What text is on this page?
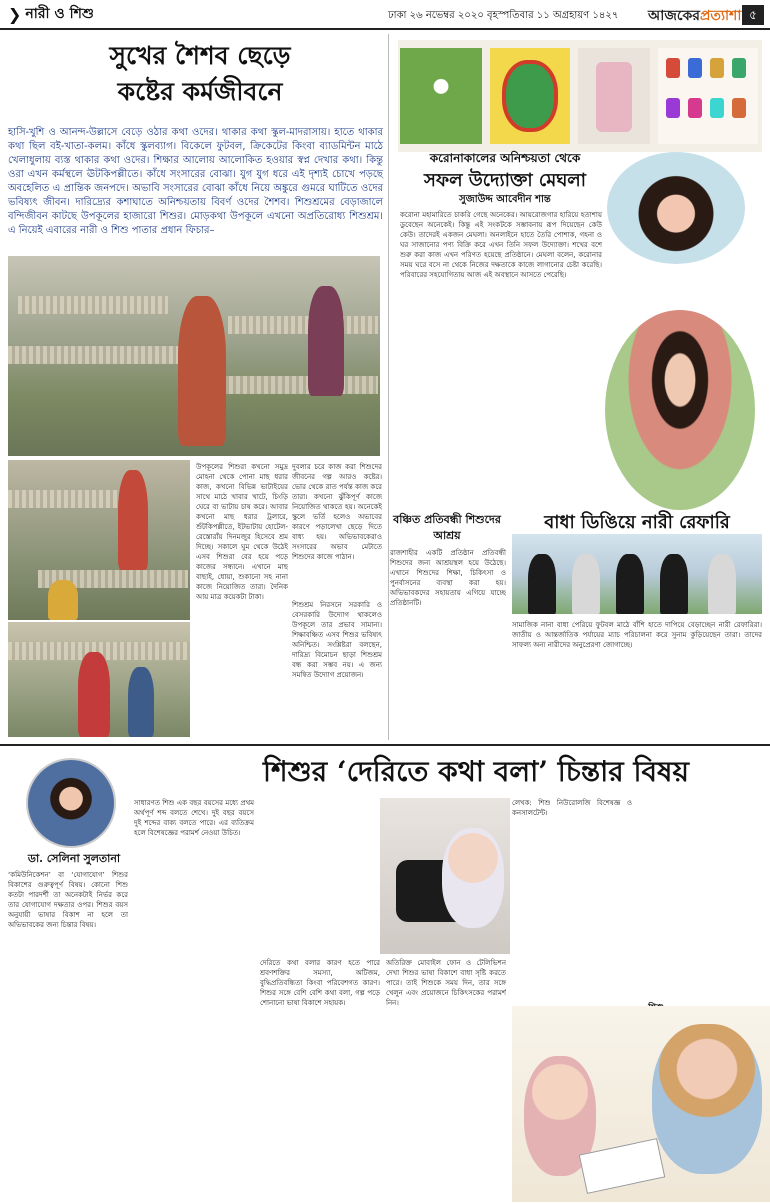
❯ নারী ও শিশু	ঢাকা ২৬ নভেম্বর ২০২০ বৃহস্পতিবার ১১ অগ্রহায়ণ ১৪২৭ আজকেরপ্রত্যাশা ৫
সুখের শৈশব ছেড়ে
কষ্টের কর্মজীবনে
হাসি-খুশি ও আনন্দ-উল্লাসে বেড়ে ওঠার কথা ওদের। থাকার কথা স্কুল-মাদরাসায়। হাতে থাকার কথা ছিল বই-খাতা-কলম। কাঁধে স্কুলব্যাগ। বিকেলে ফুটবল, ক্রিকেটের কিংবা ব্যাডমিন্টন মাঠে খেলাধুলায় ব্যস্ত থাকার কথা ওদের। শিক্ষার আলোয় আলোকিত হওয়ার স্বপ্ন দেখার কথা। কিন্তু ওরা এখন কর্মস্থলে ঊটকিপল্লীতে। কাঁধে সংসারের বোঝা। যুগ যুগ ধরে এই দৃশ্যই চোখে পড়ছে অবহেলিত এ প্রান্তিক জনপদে। অভাবি সংসারের বোঝা কাঁধে নিয়ে অঙ্কুরে গুমরে ঘাটিতে ওদের ভবিষ্যৎ জীবন। দারিদ্র্যের কশাঘাতে অনিশ্চয়তায় বিবর্ণ ওদের শৈশব। শিশুশ্রমের বেড়াজালে বন্দিজীবন কাটছে উপকূলের হাজারো শিশুর। মোড়কথা উপকূলে এখনো অপ্রতিরোধ্য শিশুশ্রম। এ নিয়েই এবারের নারী ও শিশু পাতার প্রধান ফিচার–
উপকূলের শিশুরা কখনো সমুদ্র মোহনা থেকে পোনা মাছ ধরার কাজ, কখনো বিভিন্ন ভাটাইয়ের সাথে মাঠে খাবার খাটে, চিংড়ি ঘেরে বা ভাটায় চাষ করে। আবার কখনো মাছ ধরার ট্রলারে, শুঁটকিপল্লীতে, ইটভাটায় হোটেল-রেস্তোরাঁয় দিনমজুর হিসেবে শ্রম দিচ্ছে। সকালে ঘুম থেকে উঠেই এসব শিশুরা বের হয়ে পড়ে কাজের সন্ধানে। এখানে মাছ বাছাই, ধোয়া, শুকানো সহ নানা কাজে নিয়োজিত তারা। দৈনিক আয় মাত্র কয়েকটা টাকা।
দুবলার চরে কাজ করা শিশুদের জীবনের গল্প আরও কষ্টের। ভোর থেকে রাত পর্যন্ত কাজ করে তারা। কখনো ঝুঁকিপূর্ণ কাজে নিয়োজিত থাকতে হয়। অনেকেই স্কুলে ভর্তি হলেও অভাবের কারণে পড়ালেখা ছেড়ে দিতে বাধ্য হয়। অভিভাবকেরাও সংসারের অভাব মেটাতে শিশুদের কাজে পাঠান।
শিশুশ্রম নিরসনে সরকারি ও বেসরকারি উদ্যোগ থাকলেও উপকূলে তার প্রভাব সামান্য। শিক্ষাবঞ্চিত এসব শিশুর ভবিষ্যৎ অনিশ্চিত। সংশ্লিষ্টরা বলছেন, দারিদ্র্য বিমোচন ছাড়া শিশুশ্রম বন্ধ করা সম্ভব নয়। এ জন্য সমন্বিত উদ্যোগ প্রয়োজন।
করোনাকালের অনিশ্চয়তা থেকে
সফল উদ্যোক্তা মেঘলা
সুজাউদ্দ আবেদীন শান্ত
করোনা মহামারিতে চাকরি গেছে অনেকের। আয়রোজগার হারিয়ে হতাশায় ডুবেছেন অনেকেই। কিন্তু এই সংকটকে সম্ভাবনায় রূপ দিয়েছেন কেউ কেউ। তাদেরই একজন মেঘলা। অনলাইনে হাতে তৈরি পোশাক, গহনা ও ঘর সাজানোর পণ্য বিক্রি করে এখন তিনি সফল উদ্যোক্তা। শখের বশে শুরু করা কাজ এখন পরিণত হয়েছে প্রতিষ্ঠানে। মেঘলা বলেন, করোনার সময় ঘরে বসে না থেকে নিজের দক্ষতাকে কাজে লাগানোর চেষ্টা করেছি। পরিবারের সহযোগিতায় আজ এই অবস্থানে আসতে পেরেছি।
বঞ্চিত প্রতিবন্ধী শিশুদের আশ্রয়
রাজশাহীর একটি প্রতিষ্ঠান প্রতিবন্ধী শিশুদের জন্য আশ্রয়স্থল হয়ে উঠেছে। এখানে শিশুদের শিক্ষা, চিকিৎসা ও পুনর্বাসনের ব্যবস্থা করা হয়। অভিভাবকদের সহায়তায় এগিয়ে যাচ্ছে প্রতিষ্ঠানটি।
বাধা ডিঙিয়ে নারী রেফারি
সামাজিক নানা বাধা পেরিয়ে ফুটবল মাঠে বাঁশি হাতে দাপিয়ে বেড়াচ্ছেন নারী রেফারিরা। জাতীয় ও আন্তর্জাতিক পর্যায়ের ম্যাচ পরিচালনা করে সুনাম কুড়িয়েছেন তারা। তাদের সাফল্য অন্য নারীদের অনুপ্রেরণা জোগাচ্ছে।
শিশুর ‘দেরিতে কথা বলা’ চিন্তার বিষয়
ডা. সেলিনা সুলতানা
‘কমিউনিকেশন’ বা ‘যোগাযোগ’ শিশুর বিকাশের গুরুত্বপূর্ণ বিষয়। কোনো শিশু কতটা পারদর্শী তা অনেকটাই নির্ভর করে তার যোগাযোগ দক্ষতার ওপর। শিশুর বয়স অনুযায়ী ভাষার বিকাশ না হলে তা অভিভাবকের জন্য চিন্তার বিষয়।
সাধারণত শিশু এক বছর বয়সের মধ্যে প্রথম অর্থপূর্ণ শব্দ বলতে শেখে। দুই বছর বয়সে দুই শব্দের বাক্য বলতে পারে। এর ব্যতিক্রম হলে বিশেষজ্ঞের পরামর্শ নেওয়া উচিত।
দেরিতে কথা বলার কারণ হতে পারে শ্রবণশক্তির সমস্যা, অটিজম, বুদ্ধিপ্রতিবন্ধিতা কিংবা পরিবেশগত কারণ। শিশুর সঙ্গে বেশি বেশি কথা বলা, গল্প পড়ে শোনানো ভাষা বিকাশে সহায়ক।
অতিরিক্ত মোবাইল ফোন ও টেলিভিশন দেখা শিশুর ভাষা বিকাশে বাধা সৃষ্টি করতে পারে। তাই শিশুকে সময় দিন, তার সঙ্গে খেলুন এবং প্রয়োজনে চিকিৎসকের পরামর্শ নিন।
লেখক: শিশু নিউরোলজি বিশেষজ্ঞ ও কনসালটেন্ট।
